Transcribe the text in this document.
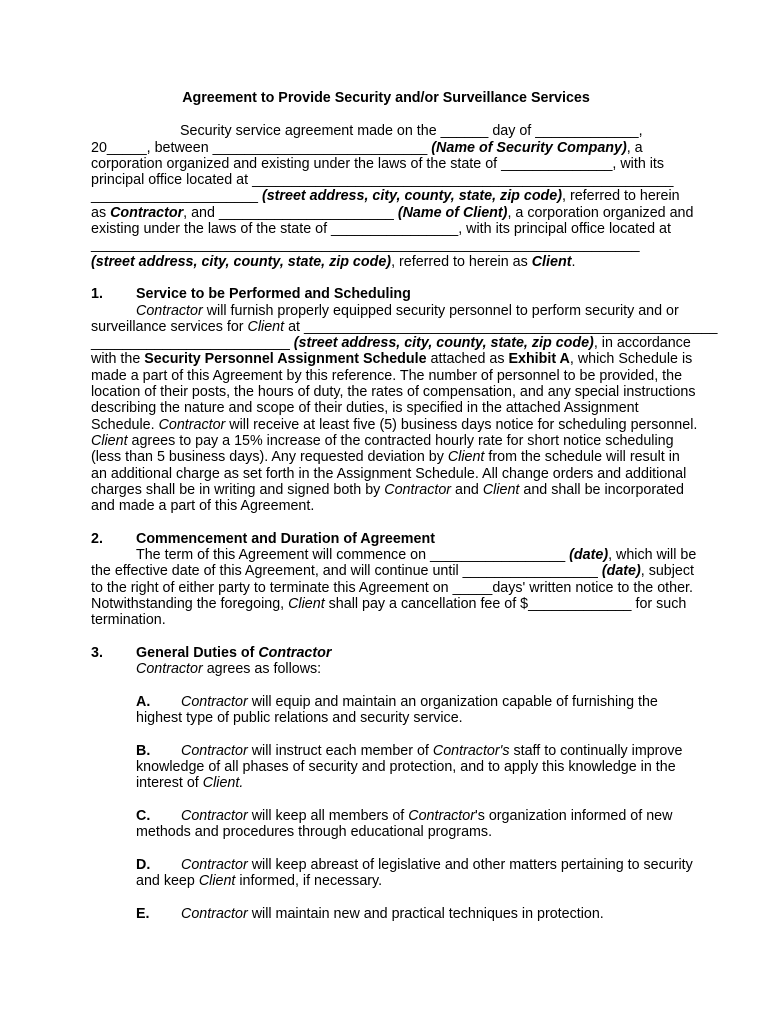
Agreement to Provide Security and/or Surveillance Services
Security service agreement made on the ______ day of _____________,
20_____, between ___________________________ (Name of Security Company), a
corporation organized and existing under the laws of the state of ______________, with its
principal office located at _____________________________________________________
_____________________ (street address, city, county, state, zip code), referred to herein
as Contractor, and ______________________ (Name of Client), a corporation organized and
existing under the laws of the state of ________________, with its principal office located at
_____________________________________________________________________
(street address, city, county, state, zip code), referred to herein as Client.
1. Service to be Performed and Scheduling
Contractor will furnish properly equipped security personnel to perform security and or
surveillance services for Client at ____________________________________________________
_________________________ (street address, city, county, state, zip code), in accordance
with the Security Personnel Assignment Schedule attached as Exhibit A, which Schedule is
made a part of this Agreement by this reference. The number of personnel to be provided, the
location of their posts, the hours of duty, the rates of compensation, and any special instructions
describing the nature and scope of their duties, is specified in the attached Assignment
Schedule. Contractor will receive at least five (5) business days notice for scheduling personnel.
Client agrees to pay a 15% increase of the contracted hourly rate for short notice scheduling
(less than 5 business days). Any requested deviation by Client from the schedule will result in
an additional charge as set forth in the Assignment Schedule. All change orders and additional
charges shall be in writing and signed both by Contractor and Client and shall be incorporated
and made a part of this Agreement.
2. Commencement and Duration of Agreement
The term of this Agreement will commence on _________________ (date), which will be
the effective date of this Agreement, and will continue until _________________ (date), subject
to the right of either party to terminate this Agreement on _____days' written notice to the other.
Notwithstanding the foregoing, Client shall pay a cancellation fee of $_____________ for such
termination.
3. General Duties of Contractor
Contractor agrees as follows:
A. Contractor will equip and maintain an organization capable of furnishing the
highest type of public relations and security service.
B. Contractor will instruct each member of Contractor's staff to continually improve
knowledge of all phases of security and protection, and to apply this knowledge in the
interest of Client.
C. Contractor will keep all members of Contractor's organization informed of new
methods and procedures through educational programs.
D. Contractor will keep abreast of legislative and other matters pertaining to security
and keep Client informed, if necessary.
E. Contractor will maintain new and practical techniques in protection.
